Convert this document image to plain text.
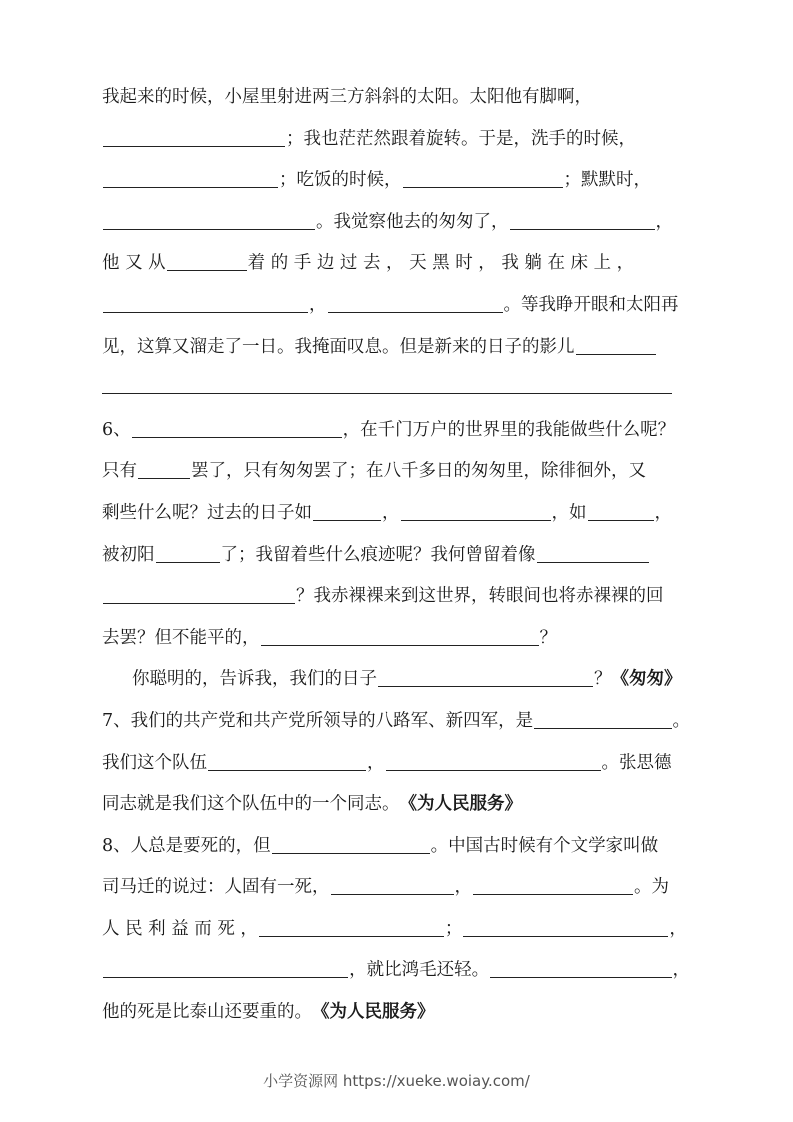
我起来的时候，小屋里射进两三方斜斜的太阳。太阳他有脚啊，
；我也茫茫然跟着旋转。于是，洗手的时候，
；吃饭的时候，	；默默时，
。我觉察他去的匆匆了，	，
他 又 从	着 的 手 边 过 去 ， 天 黑 时 ， 我 躺 在 床 上 ，
，	。等我睁开眼和太阳再
见，这算又溜走了一日。我掩面叹息。但是新来的日子的影儿
6、	，在千门万户的世界里的我能做些什么呢？
只有	罢了，只有匆匆罢了；在八千多日的匆匆里，除徘徊外，又
剩些什么呢？过去的日子如	，	，如	，
被初阳	了；我留着些什么痕迹呢？我何曾留着像
？我赤裸裸来到这世界，转眼间也将赤裸裸的回
去罢？但不能平的，	？
你聪明的，告诉我，我们的日子	？ 《匆匆》
7、我们的共产党和共产党所领导的八路军、新四军，是	。
我们这个队伍	，	。张思德
同志就是我们这个队伍中的一个同志。 《为人民服务》
8、人总是要死的，但	。中国古时候有个文学家叫做
司马迁的说过：人固有一死，	，	。为
人 民 利 益 而 死 ，	；	，
，就比鸿毛还轻。	，
他的死是比泰山还要重的。 《为人民服务》
小学资源网 https://xueke.woiay.com/
